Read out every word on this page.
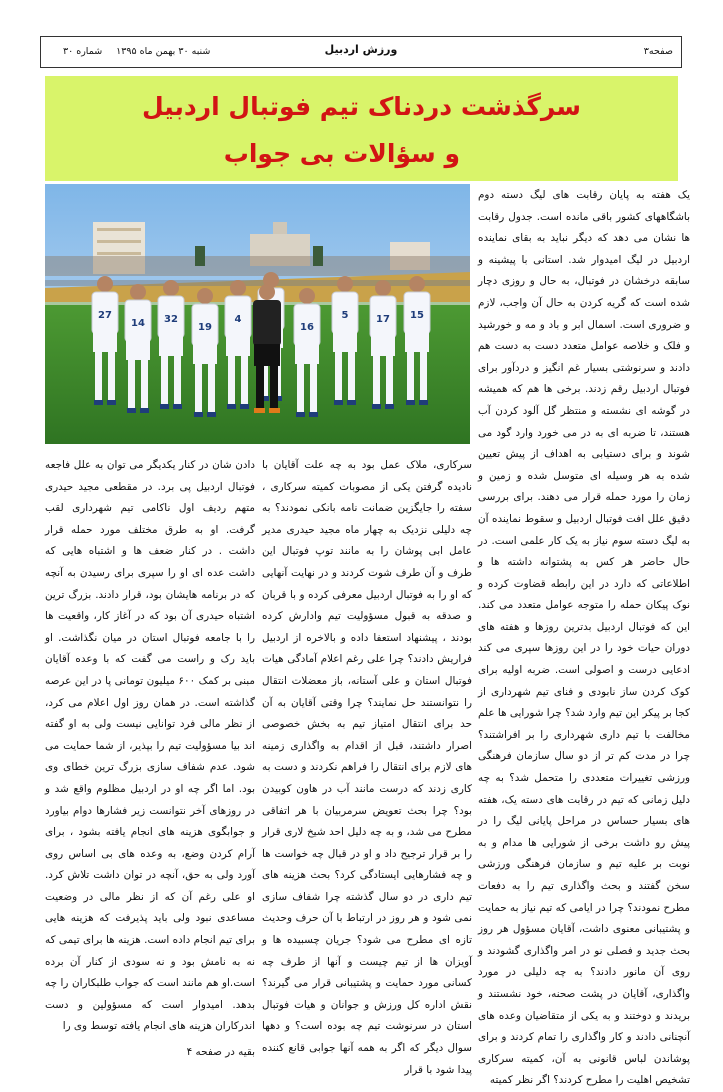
صفحه۳
ورزش اردبیل
شنبه ۳۰ بهمن ماه ۱۳۹۵شماره ۳۰
سرگذشت دردناک تیم فوتبال اردبیل
و سؤالات بی جواب
27
14 32
19
4
16
5	17 15

یک هفته به پایان رقابت های لیگ دسته دوم باشگاههای کشور باقی مانده است. جدول رقابت ها نشان می دهد که دیگر نباید به بقای نماینده اردبیل در لیگ امیدوار شد. استانی با پیشینه و سابقه درخشان در فوتبال، به حال و روزی دچار شده است که گریه کردن به حال آن واجب، لازم و ضروری است. اسمال ابر و باد و مه و خورشید و فلک و خلاصه عوامل متعدد دست به دست هم دادند و سرنوشتی بسیار غم انگیز و دردآور برای فوتبال اردبیل رقم زدند. برخی ها هم که همیشه در گوشه ای نشسته و منتظر گل آلود کردن آب هستند، تا ضربه ای به در می خورد وارد گود می شوند و برای دستیابی به اهداف از پیش تعیین شده به هر وسیله ای متوسل شده و زمین و زمان را مورد حمله قرار می دهند. برای بررسی دقیق علل افت فوتبال اردبیل و سقوط نماینده آن به لیگ دسته سوم نیاز به یک کار علمی است. در حال حاضر هر کس به پشتوانه داشته ها و اطلاعاتی که دارد در این رابطه قضاوت کرده و نوک پیکان حمله را متوجه عوامل متعدد می کند. این که فوتبال اردبیل بدترین روزها و هفته های دوران حیات خود را در این روزها سپری می کند ادعایی درست و اصولی است. ضربه اولیه برای کوک کردن ساز نابودی و فنای تیم شهرداری از کجا بر پیکر این تیم وارد شد؟ چرا شورایی ها علم مخالفت با تیم داری شهرداری را بر افراشتند؟ چرا در مدت کم تر از دو سال سازمان فرهنگی ورزشی تغییرات متعددی را متحمل شد؟ به چه دلیل زمانی که تیم در رقابت های دسته یک، هفته های بسیار حساس در مراحل پایانی لیگ را در پیش رو داشت برخی از شورایی ها مدام و به نوبت بر علیه تیم و سازمان فرهنگی ورزشی سخن گفتند و بحث واگذاری تیم را به دفعات مطرح نمودند؟ چرا در ایامی که تیم نیاز به حمایت و پشتیبانی معنوی داشت، آقایان مسؤول هر روز بحث جدید و فصلی نو در امر واگذاری گشودند و روی آن مانور دادند؟ به چه دلیلی در مورد واگذاری، آقایان در پشت صحنه، خود نشستند و بریدند و دوختند و به یکی از متقاضیان وعده های آنچنانی دادند و کار واگذاری را تمام کردند و برای پوشاندن لباس قانونی به آن، کمیته سرکاری تشخیص اهلیت را مطرح کردند؟ اگر نظر کمیته

سرکاری، ملاک عمل بود به چه علت آقایان با نادیده گرفتن یکی از مصوبات کمیته سرکاری ، سفته را جایگزین ضمانت نامه بانکی نمودند؟ به چه دلیلی نزدیک به چهار ماه مجید حیدری مدیر عامل ابی پوشان را به مانند توپ فوتبال این طرف و آن طرف شوت کردند و در نهایت آنهایی که او را به فوتبال اردبیل معرفی کرده و با قربان و صدقه به قبول مسؤولیت تیم وادارش کرده بودند ، پیشنهاد استعفا داده و بالاخره از اردبیل فراریش دادند؟ چرا علی رغم اعلام آمادگی هیات فوتبال استان و علی آستانه، باز معضلات انتقال را نتوانستند حل نمایند؟ چرا وقتی آقایان به آن حد برای انتقال امتیاز تیم به بخش خصوصی اصرار داشتند، قبل از اقدام به واگذاری زمینه های لازم برای انتقال را فراهم نکردند و دست به کاری زدند که درست مانند آب در هاون کوبیدن بود؟ چرا بحث تعویض سرمربیان با هر اتفاقی مطرح می شد، و به چه دلیل احد شیخ لاری قرار را بر قرار ترجیح داد و او در قبال چه خواست ها و چه فشارهایی ایستادگی کرد؟ بحث هزینه های تیم داری در دو سال گذشته چرا شفاف سازی نمی شود و هر روز در ارتباط با آن حرف وحدیث تازه ای مطرح می شود؟ جریان چسبیده ها و آویزان ها از تیم چیست و آنها از طرف چه کسانی مورد حمایت و پشتیبانی قرار می گیرند؟ نقش اداره کل ورزش و جوانان و هیات فوتبال استان در سرنوشت تیم چه بوده است؟ و دهها سوال دیگر که اگر به همه آنها جوابی قانع کننده پیدا شود با قرار

دادن شان در کنار یکدیگر می توان به علل فاجعه فوتبال اردبیل پی برد. در مقطعی مجید حیدری متهم ردیف اول ناکامی تیم شهرداری لقب گرفت. او به طرق مختلف مورد حمله قرار داشت . در کنار ضعف ها و اشتباه هایی که داشت عده ای او را سپری برای رسیدن به آنچه که در برنامه هایشان بود، قرار دادند. بزرگ ترین اشتباه حیدری آن بود که در آغاز کار، واقعیت ها را با جامعه فوتبال استان در میان نگذاشت. او باید رک و راست می گفت که با وعده آقایان مبنی بر کمک ۶۰۰ میلیون تومانی پا در این عرصه گذاشته است. در همان روز اول اعلام می کرد، از نظر مالی فرد توانایی نیست ولی به او گفته اند بیا مسؤولیت تیم را بپذیر، از شما حمایت می شود. عدم شفاف سازی بزرگ ترین خطای وی بود. اما اگر چه او در اردبیل مظلوم واقع شد و در روزهای آخر نتوانست زیر فشارها دوام بیاورد و جوابگوی هزینه های انجام یافته بشود ، برای آرام کردن وضع، به وعده های بی اساس روی آورد ولی به حق، آنچه در توان داشت تلاش کرد. او علی رغم آن که از نظر مالی در وضعیت مساعدی نبود ولی باید پذیرفت که هزینه هایی برای تیم انجام داده است. هزینه ها برای تیمی که نه به نامش بود و نه سودی از کنار آن برده است.او هم مانند است که جواب طلبکاران را چه بدهد. امیدوار است که مسؤولین و دست اندرکاران هزینه های انجام یافته توسط وی را

بقیه در صفحه ۴
